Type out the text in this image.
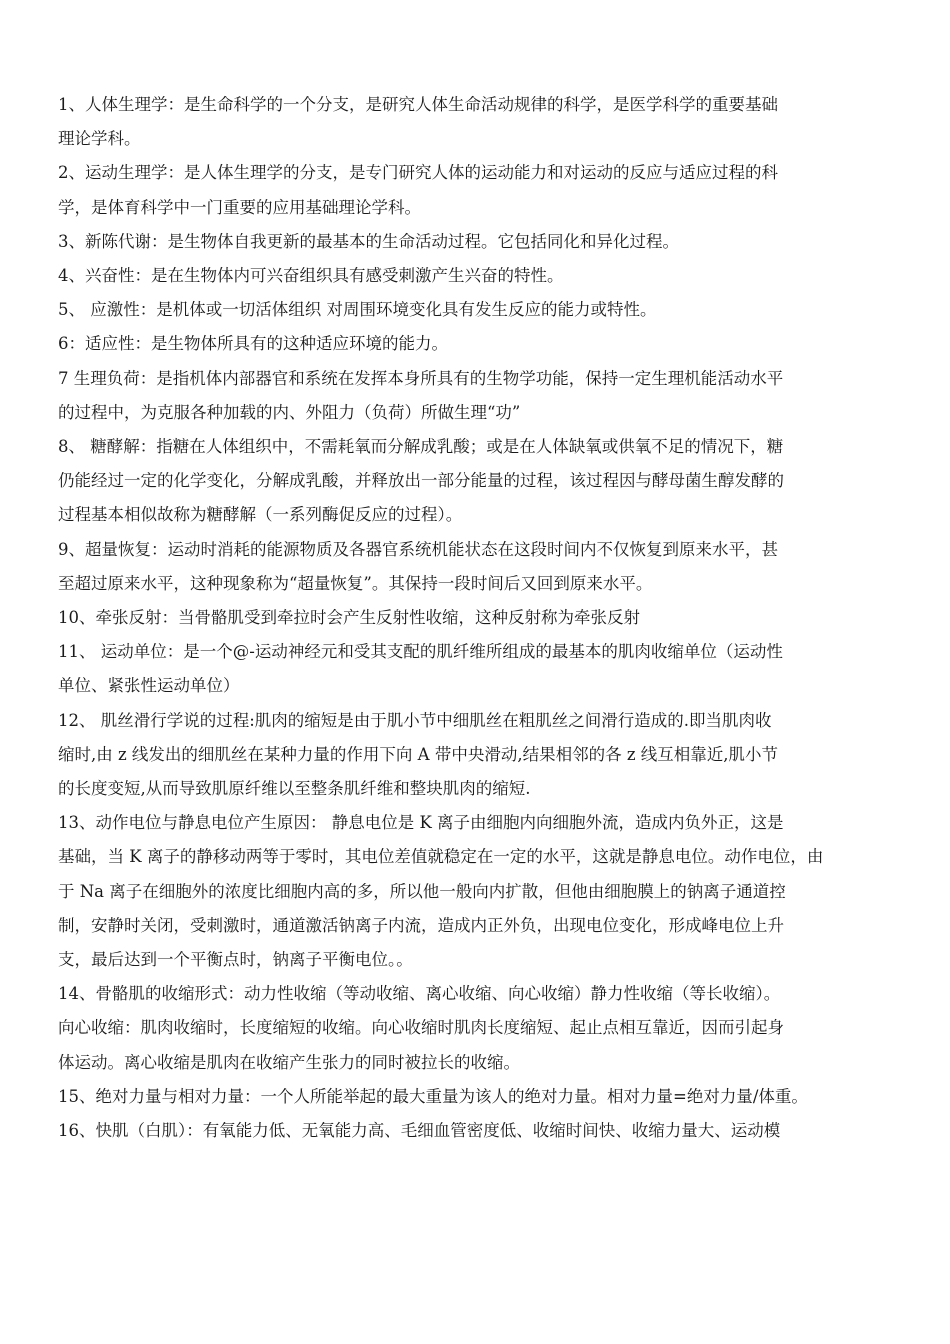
1、人体生理学：是生命科学的一个分支，是研究人体生命活动规律的科学，是医学科学的重要基础
理论学科。
2、运动生理学：是人体生理学的分支，是专门研究人体的运动能力和对运动的反应与适应过程的科
学，是体育科学中一门重要的应用基础理论学科。
3、新陈代谢：是生物体自我更新的最基本的生命活动过程。它包括同化和异化过程。
4、兴奋性：是在生物体内可兴奋组织具有感受刺激产生兴奋的特性。
5、 应激性：是机体或一切活体组织 对周围环境变化具有发生反应的能力或特性。
6：适应性：是生物体所具有的这种适应环境的能力。
7 生理负荷：是指机体内部器官和系统在发挥本身所具有的生物学功能，保持一定生理机能活动水平
的过程中，为克服各种加载的内、外阻力（负荷）所做生理“功”
8、 糖酵解：指糖在人体组织中，不需耗氧而分解成乳酸；或是在人体缺氧或供氧不足的情况下，糖
仍能经过一定的化学变化，分解成乳酸，并释放出一部分能量的过程，该过程因与酵母菌生醇发酵的
过程基本相似故称为糖酵解（一系列酶促反应的过程）。
9、超量恢复：运动时消耗的能源物质及各器官系统机能状态在这段时间内不仅恢复到原来水平，甚
至超过原来水平，这种现象称为“超量恢复”。其保持一段时间后又回到原来水平。
10、牵张反射：当骨骼肌受到牵拉时会产生反射性收缩，这种反射称为牵张反射
11、 运动单位：是一个@-运动神经元和受其支配的肌纤维所组成的最基本的肌肉收缩单位（运动性
单位、紧张性运动单位）
12、 肌丝滑行学说的过程:肌肉的缩短是由于肌小节中细肌丝在粗肌丝之间滑行造成的.即当肌肉收
缩时,由 z 线发出的细肌丝在某种力量的作用下向 A 带中央滑动,结果相邻的各 z 线互相靠近,肌小节
的长度变短,从而导致肌原纤维以至整条肌纤维和整块肌肉的缩短.
13、动作电位与静息电位产生原因： 静息电位是 K 离子由细胞内向细胞外流，造成内负外正，这是
基础，当 K 离子的静移动两等于零时，其电位差值就稳定在一定的水平，这就是静息电位。动作电位，由
于 Na 离子在细胞外的浓度比细胞内高的多，所以他一般向内扩散，但他由细胞膜上的钠离子通道控
制，安静时关闭，受刺激时，通道激活钠离子内流，造成内正外负，出现电位变化，形成峰电位上升
支，最后达到一个平衡点时，钠离子平衡电位。。
14、骨骼肌的收缩形式：动力性收缩（等动收缩、离心收缩、向心收缩）静力性收缩（等长收缩）。
向心收缩：肌肉收缩时，长度缩短的收缩。向心收缩时肌肉长度缩短、起止点相互靠近，因而引起身
体运动。离心收缩是肌肉在收缩产生张力的同时被拉长的收缩。
15、绝对力量与相对力量：一个人所能举起的最大重量为该人的绝对力量。相对力量=绝对力量/体重。
16、快肌（白肌）：有氧能力低、无氧能力高、毛细血管密度低、收缩时间快、收缩力量大、运动模
